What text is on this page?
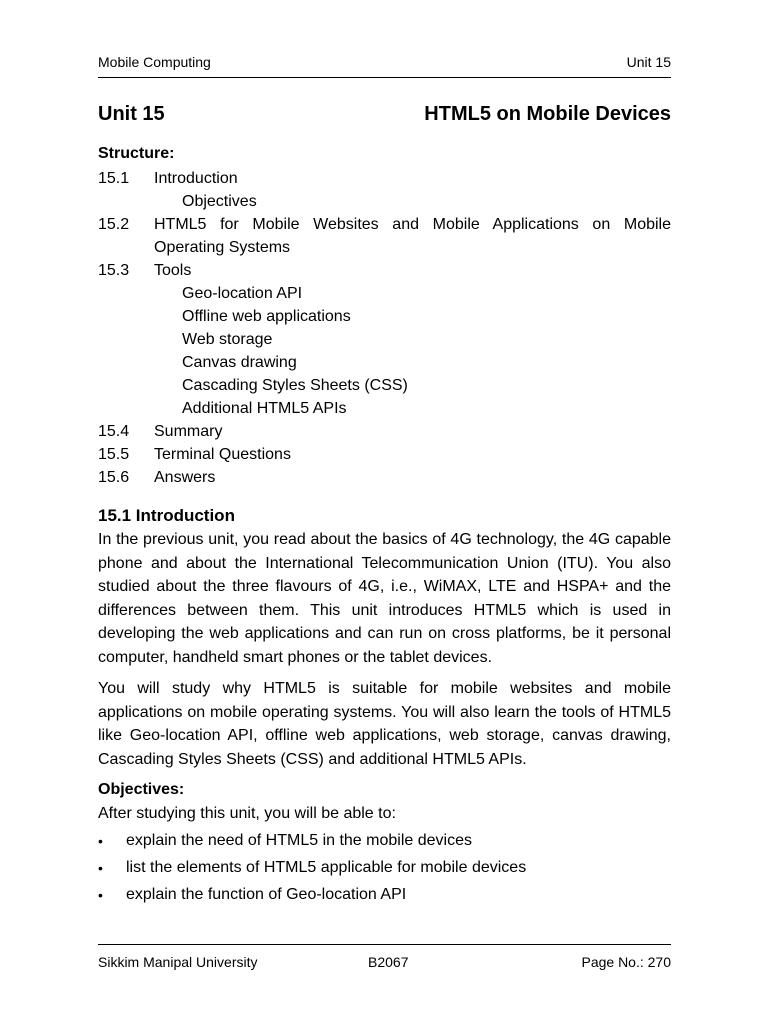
Mobile Computing	Unit 15
Unit 15	HTML5 on Mobile Devices
Structure:
15.1	Introduction
Objectives
15.2	HTML5 for Mobile Websites and Mobile Applications on Mobile Operating Systems
15.3	Tools
Geo-location API
Offline web applications
Web storage
Canvas drawing
Cascading Styles Sheets (CSS)
Additional HTML5 APIs
15.4	Summary
15.5	Terminal Questions
15.6	Answers
15.1 Introduction

In the previous unit, you read about the basics of 4G technology, the 4G capable phone and about the International Telecommunication Union (ITU). You also studied about the three flavours of 4G, i.e., WiMAX, LTE and HSPA+ and the differences between them. This unit introduces HTML5 which is used in developing the web applications and can run on cross platforms, be it personal computer, handheld smart phones or the tablet devices.

You will study why HTML5 is suitable for mobile websites and mobile applications on mobile operating systems. You will also learn the tools of HTML5 like Geo-location API, offline web applications, web storage, canvas drawing, Cascading Styles Sheets (CSS) and additional HTML5 APIs.

Objectives:
After studying this unit, you will be able to:
•	explain the need of HTML5 in the mobile devices
•	list the elements of HTML5 applicable for mobile devices
•	explain the function of Geo-location API
Sikkim Manipal University	B2067	Page No.: 270
